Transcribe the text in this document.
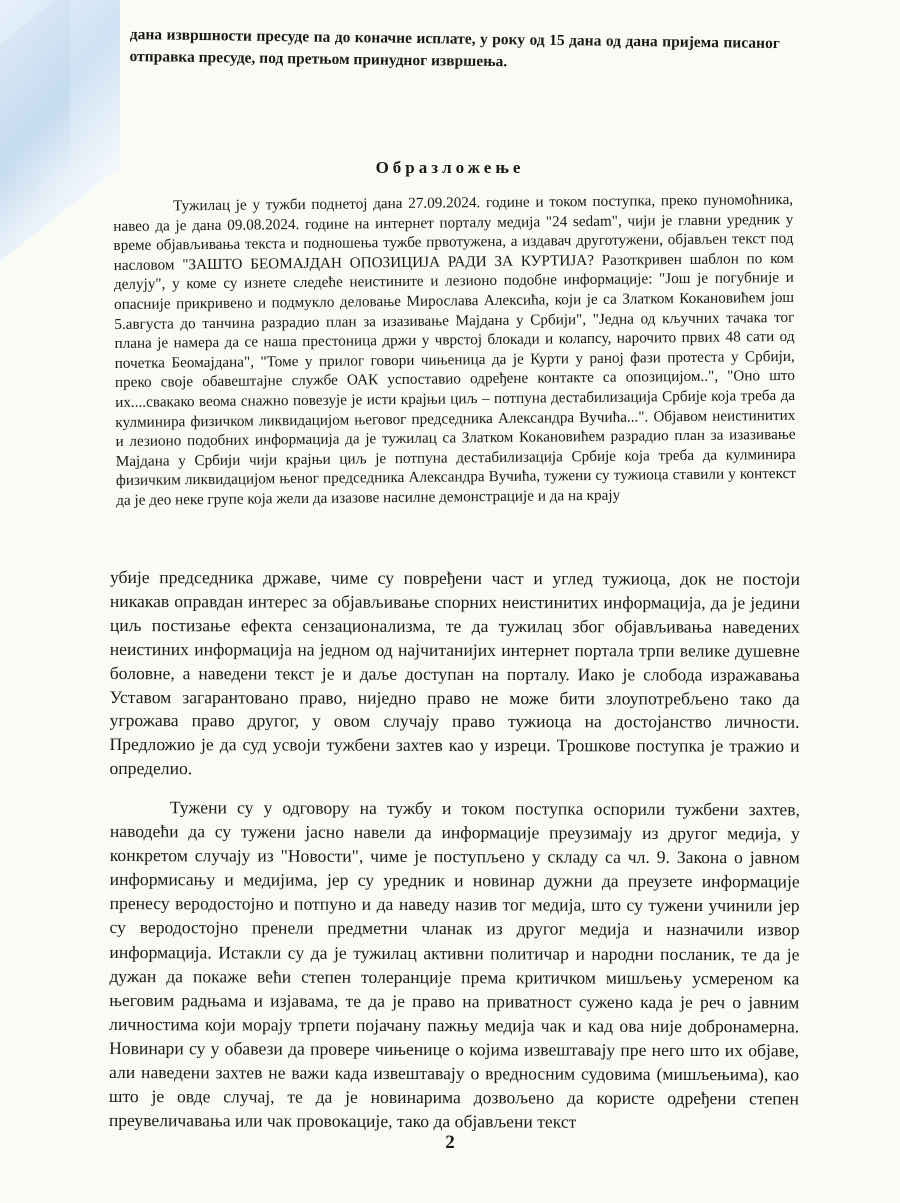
дана извршности пресуде па до коначне исплате, у року од 15 дана од дана пријема писаног отправка пресуде, под претњом принудног извршења.
Образложење
Тужилац је у тужби поднетој дана 27.09.2024. године и током поступка, преко пуномоћника, навео да је дана 09.08.2024. године на интернет порталу медија "24 sedam", чији је главни уредник у време објављивања текста и подношења тужбе првотужена, а издавач друготужени, објављен текст под насловом "ЗАШТО БЕОМАЈДАН ОПОЗИЦИЈА РАДИ ЗА КУРТИЈА? Разоткривен шаблон по ком делују", у коме су изнете следеће неистините и лезионо подобне информације: "Још је погубније и опасније прикривено и подмукло деловање Мирослава Алексића, који је са Златком Кокановићем још 5.августа до танчина разрадио план за изазивање Мајдана у Србији", "Једна од кључних тачака тог плана је намера да се наша престоница држи у чврстој блокади и колапсу, нарочито првих 48 сати од почетка Беомајдана", "Томе у прилог говори чињеница да је Курти у раној фази протеста у Србији, преко своје обавештајне службе ОАК успоставио одређене контакте са опозицијом..", "Оно што их....свакако веома снажно повезује је исти крајњи циљ – потпуна дестабилизација Србије која треба да кулминира физичком ликвидацијом његовог председника Александра Вучића...". Објавом неистинитих и лезионо подобних информација да је тужилац са Златком Кокановићем разрадио план за изазивање Мајдана у Србији чији крајњи циљ је потпуна дестабилизација Србије која треба да кулминира физичким ликвидацијом њеног председника Александра Вучића, тужени су тужиоца ставили у контекст да је део неке групе која жели да изазове насилне демонстрације и да на крају
убије председника државе, чиме су повређени част и углед тужиоца, док не постоји никакав оправдан интерес за објављивање спорних неистинитих информација, да је једини циљ постизање ефекта сензационализма, те да тужилац због објављивања наведених неистиних информација на једном од најчитанијих интернет портала трпи велике душевне боловне, а наведени текст је и даље доступан на порталу. Иако је слобода изражавања Уставом загарантовано право, ниједно право не може бити злоупотребљено тако да угрожава право другог, у овом случају право тужиоца на достојанство личности. Предложио је да суд усвоји тужбени захтев као у изреци. Трошкове поступка је тражио и определио.
Тужени су у одговору на тужбу и током поступка оспорили тужбени захтев, наводећи да су тужени јасно навели да информације преузимају из другог медија, у конкретом случају из "Новости", чиме је поступљено у складу са чл. 9. Закона о јавном информисању и медијима, јер су уредник и новинар дужни да преузете информације пренесу веродостојно и потпуно и да наведу назив тог медија, што су тужени учинили јер су веродостојно пренели предметни чланак из другог медија и назначили извор информација. Истакли су да је тужилац активни политичар и народни посланик, те да је дужан да покаже већи степен толеранције према критичком мишљењу усмереном ка његовим радњама и изјавама, те да је право на приватност сужено када је реч о јавним личностима који морају трпети појачану пажњу медија чак и кад ова није добронамерна. Новинари су у обавези да провере чињенице о којима извештавају пре него што их објаве, али наведени захтев не важи када извештавају о вредносним судовима (мишљењима), као што је овде случај, те да је новинарима дозвољено да користе одређени степен преувеличавања или чак провокације, тако да објављени текст
2
